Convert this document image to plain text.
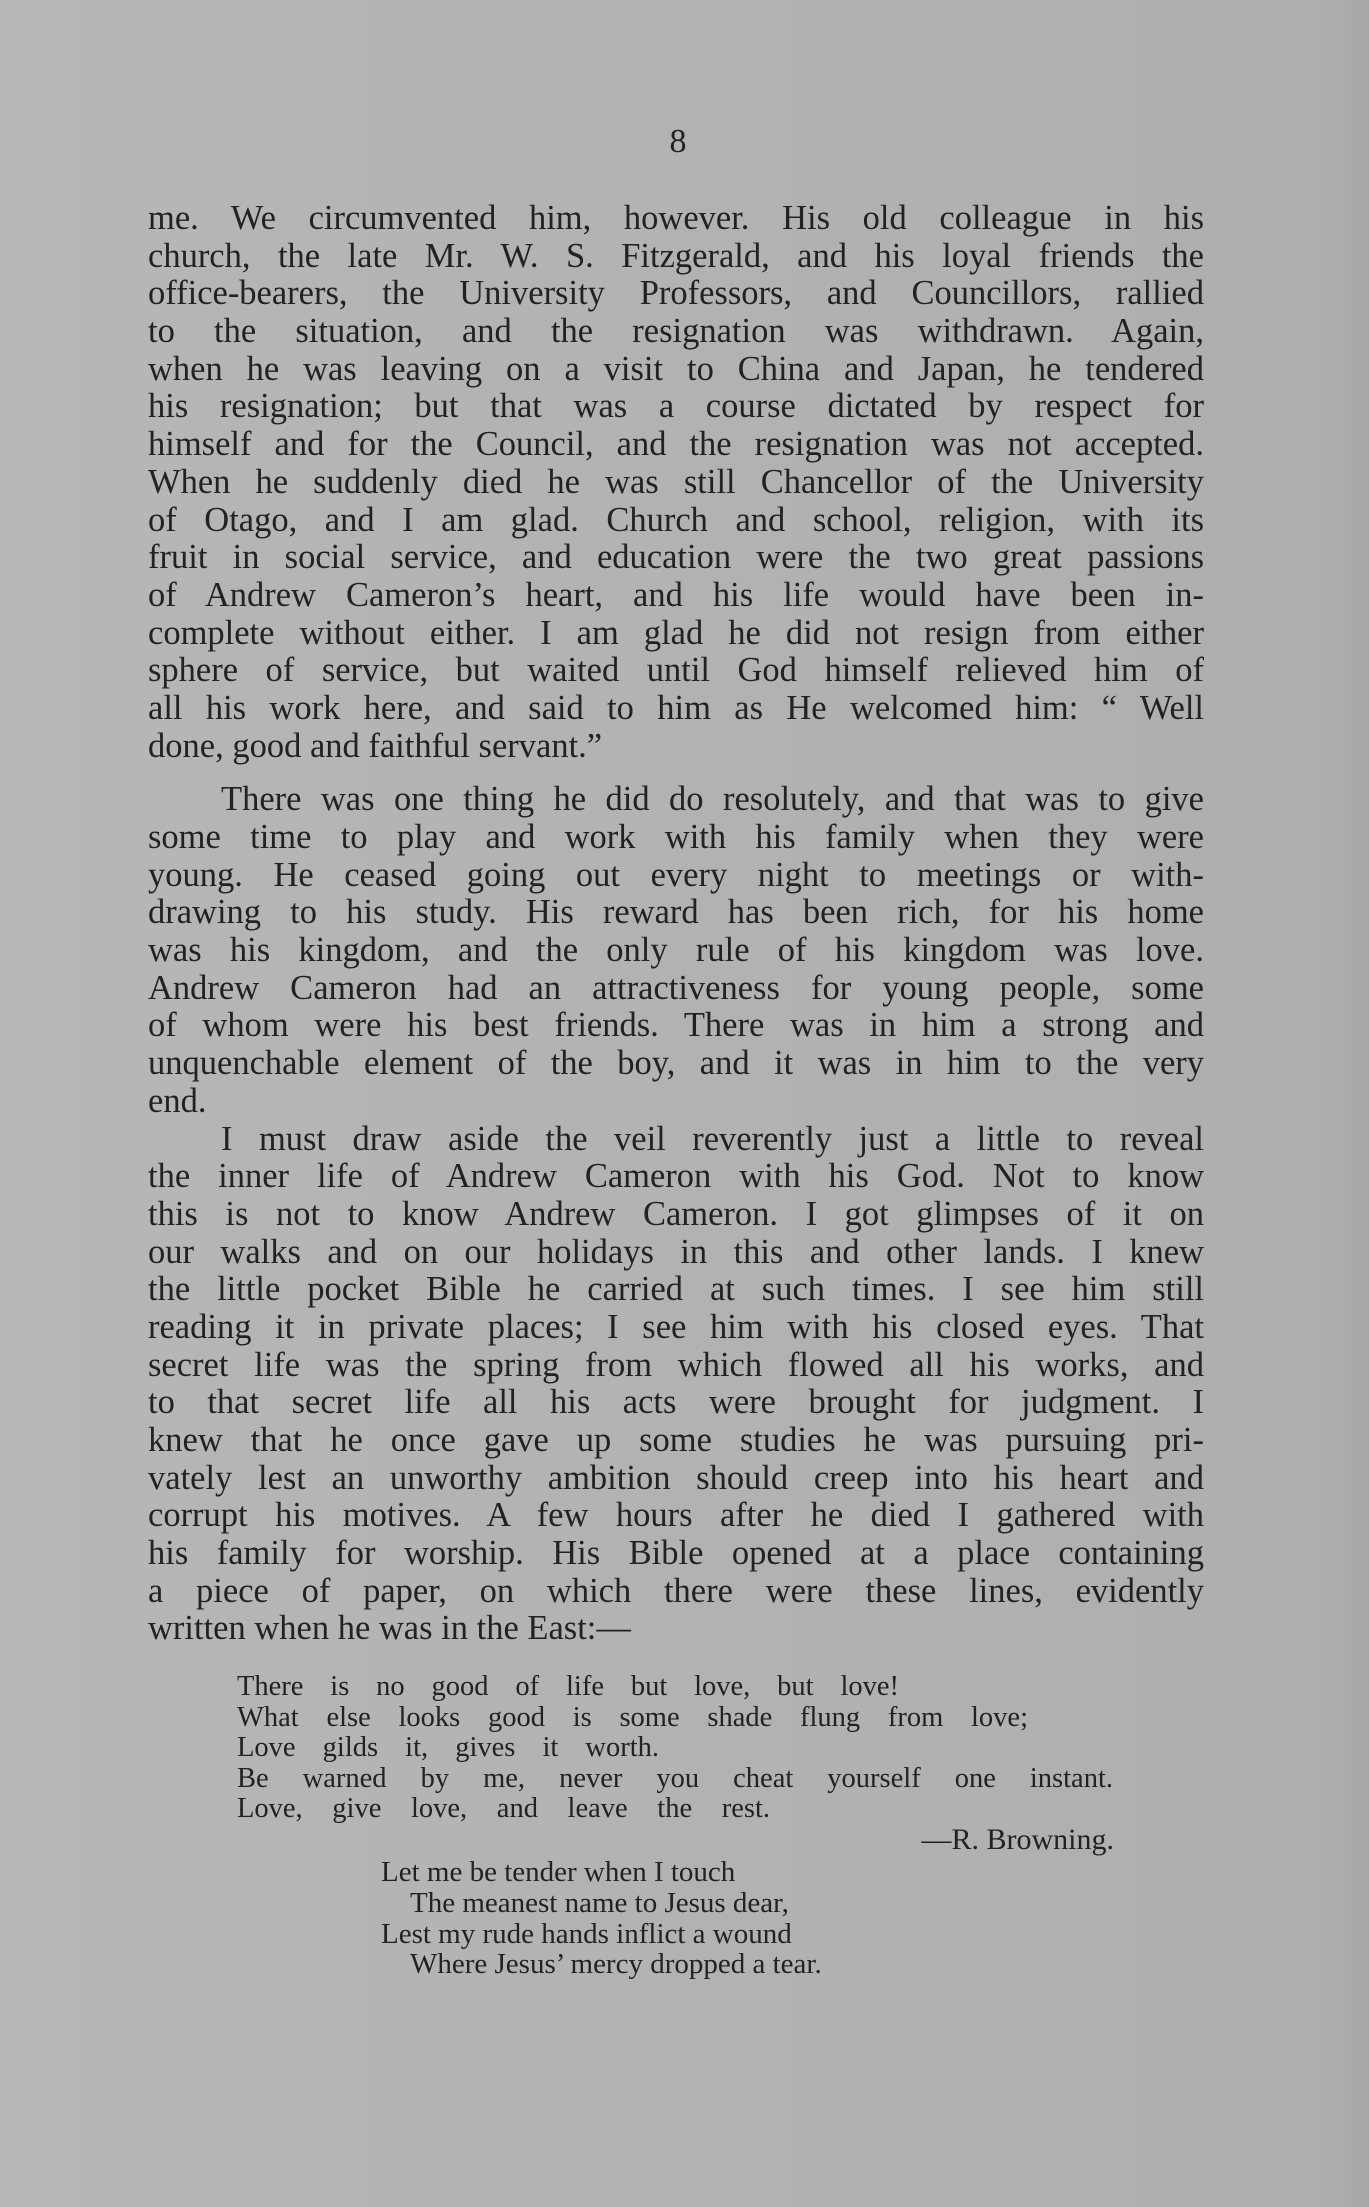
8
me. We circumvented him, however. His old colleague in his
church, the late Mr. W. S. Fitzgerald, and his loyal friends the
office-bearers, the University Professors, and Councillors, rallied
to the situation, and the resignation was withdrawn. Again,
when he was leaving on a visit to China and Japan, he tendered
his resignation; but that was a course dictated by respect for
himself and for the Council, and the resignation was not accepted.
When he suddenly died he was still Chancellor of the University
of Otago, and I am glad. Church and school, religion, with its
fruit in social service, and education were the two great passions
of Andrew Cameron’s heart, and his life would have been in-
complete without either. I am glad he did not resign from either
sphere of service, but waited until God himself relieved him of
all his work here, and said to him as He welcomed him: “ Well
done, good and faithful servant.”
There was one thing he did do resolutely, and that was to give
some time to play and work with his family when they were
young. He ceased going out every night to meetings or with-
drawing to his study. His reward has been rich, for his home
was his kingdom, and the only rule of his kingdom was love.
Andrew Cameron had an attractiveness for young people, some
of whom were his best friends. There was in him a strong and
unquenchable element of the boy, and it was in him to the very
end.
I must draw aside the veil reverently just a little to reveal
the inner life of Andrew Cameron with his God. Not to know
this is not to know Andrew Cameron. I got glimpses of it on
our walks and on our holidays in this and other lands. I knew
the little pocket Bible he carried at such times. I see him still
reading it in private places; I see him with his closed eyes. That
secret life was the spring from which flowed all his works, and
to that secret life all his acts were brought for judgment. I
knew that he once gave up some studies he was pursuing pri-
vately lest an unworthy ambition should creep into his heart and
corrupt his motives. A few hours after he died I gathered with
his family for worship. His Bible opened at a place containing
a piece of paper, on which there were these lines, evidently
written when he was in the East:—
There is no good of life but love, but love!
What else looks good is some shade flung from love;
Love gilds it, gives it worth.
Be warned by me, never you cheat yourself one instant.
Love, give love, and leave the rest.
—R. Browning.
Let me be tender when I touch
The meanest name to Jesus dear,
Lest my rude hands inflict a wound
Where Jesus’ mercy dropped a tear.
